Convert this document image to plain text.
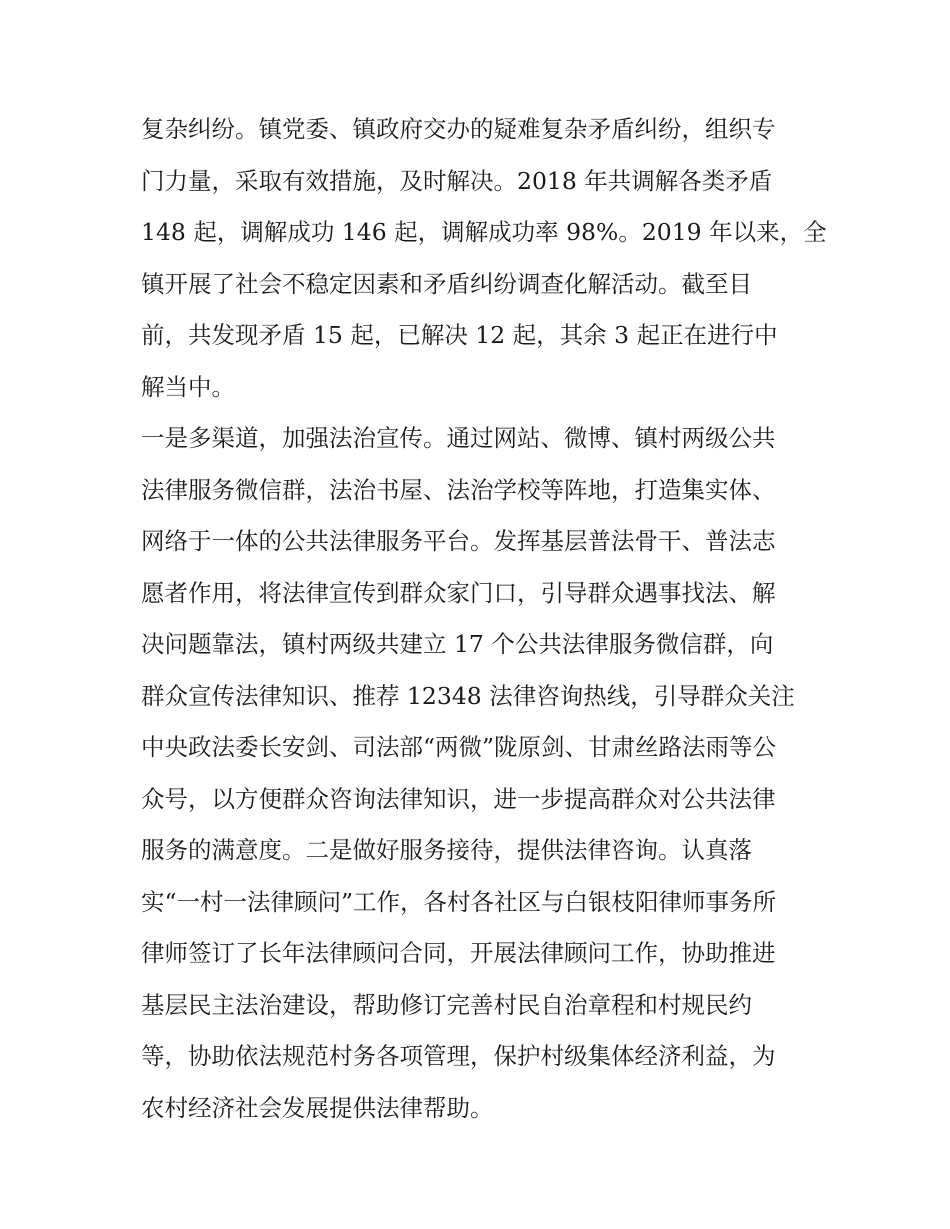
复杂纠纷。镇党委、镇政府交办的疑难复杂矛盾纠纷，组织专
门力量，采取有效措施，及时解决。2018 年共调解各类矛盾
148 起，调解成功 146 起，调解成功率 98%。2019 年以来，全
镇开展了社会不稳定因素和矛盾纠纷调查化解活动。截至目
前，共发现矛盾 15 起，已解决 12 起，其余 3 起正在进行中
解当中。
一是多渠道，加强法治宣传。通过网站、微博、镇村两级公共
法律服务微信群，法治书屋、法治学校等阵地，打造集实体、
网络于一体的公共法律服务平台。发挥基层普法骨干、普法志
愿者作用，将法律宣传到群众家门口，引导群众遇事找法、解
决问题靠法，镇村两级共建立 17 个公共法律服务微信群，向
群众宣传法律知识、推荐 12348 法律咨询热线，引导群众关注
中央政法委长安剑、司法部“两微”陇原剑、甘肃丝路法雨等公
众号，以方便群众咨询法律知识，进一步提高群众对公共法律
服务的满意度。二是做好服务接待，提供法律咨询。认真落
实“一村一法律顾问”工作，各村各社区与白银枝阳律师事务所
律师签订了长年法律顾问合同，开展法律顾问工作，协助推进
基层民主法治建设，帮助修订完善村民自治章程和村规民约
等，协助依法规范村务各项管理，保护村级集体经济利益，为
农村经济社会发展提供法律帮助。
